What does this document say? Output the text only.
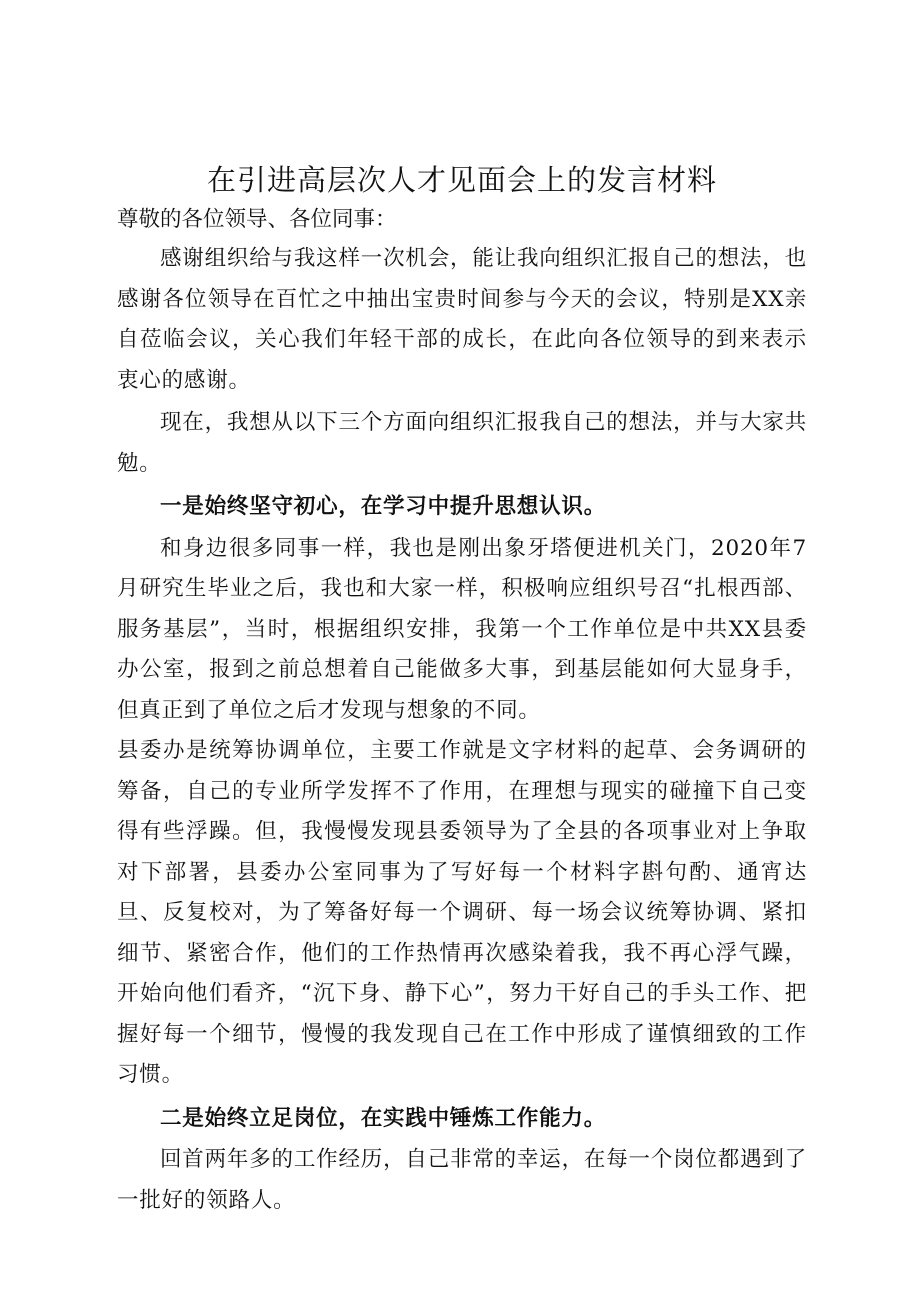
在引进高层次人才见面会上的发言材料
尊敬的各位领导、各位同事：

感谢组织给与我这样一次机会，能让我向组织汇报自己的想法，也感谢各位领导在百忙之中抽出宝贵时间参与今天的会议，特别是XX亲自莅临会议，关心我们年轻干部的成长，在此向各位领导的到来表示衷心的感谢。

现在，我想从以下三个方面向组织汇报我自己的想法，并与大家共勉。

一是始终坚守初心，在学习中提升思想认识。

和身边很多同事一样，我也是刚出象牙塔便进机关门，2020年7月研究生毕业之后，我也和大家一样，积极响应组织号召“扎根西部、服务基层”，当时，根据组织安排，我第一个工作单位是中共XX县委办公室，报到之前总想着自己能做多大事，到基层能如何大显身手，但真正到了单位之后才发现与想象的不同。

县委办是统筹协调单位，主要工作就是文字材料的起草、会务调研的筹备，自己的专业所学发挥不了作用，在理想与现实的碰撞下自己变得有些浮躁。但，我慢慢发现县委领导为了全县的各项事业对上争取对下部署，县委办公室同事为了写好每一个材料字斟句酌、通宵达旦、反复校对，为了筹备好每一个调研、每一场会议统筹协调、紧扣细节、紧密合作，他们的工作热情再次感染着我，我不再心浮气躁，开始向他们看齐，“沉下身、静下心”，努力干好自己的手头工作、把握好每一个细节，慢慢的我发现自己在工作中形成了谨慎细致的工作习惯。

二是始终立足岗位，在实践中锤炼工作能力。

回首两年多的工作经历，自己非常的幸运，在每一个岗位都遇到了一批好的领路人。
